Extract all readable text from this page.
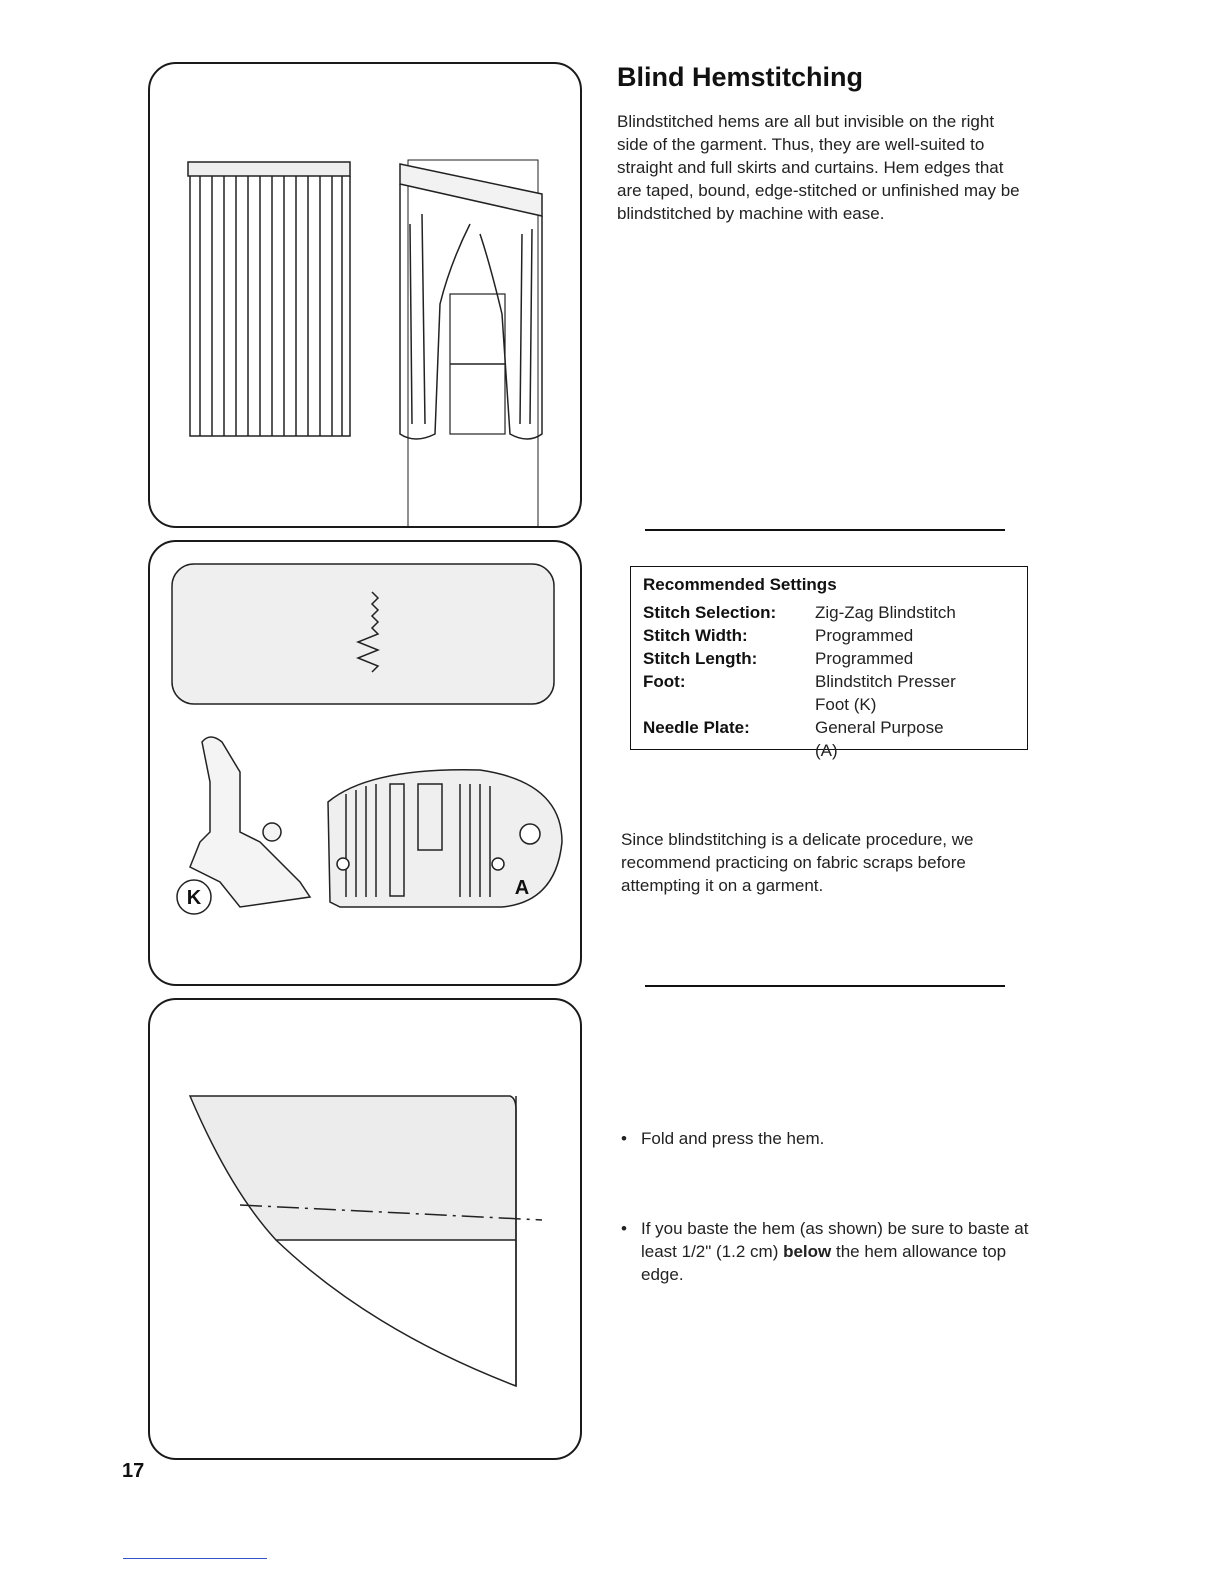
K	A
Blind Hemstitching

Blindstitched hems are all but invisible on the right side of the garment. Thus, they are well-suited to straight and full skirts and curtains. Hem edges that are taped, bound, edge-stitched or unfinished may be blindstitched by machine with ease.

Recommended Settings
Stitch Selection:	Zig-Zag Blindstitch
Stitch Width:	Programmed
Stitch Length:	Programmed
Foot:	Blindstitch Presser Foot (K)
Needle Plate:	General Purpose (A)

Since blindstitching is a delicate procedure, we recommend practicing on fabric scraps before attempting it on a garment.

• Fold and press the hem.
• If you baste the hem (as shown) be sure to baste at least 1/2" (1.2 cm) below the hem allowance top edge.
17
